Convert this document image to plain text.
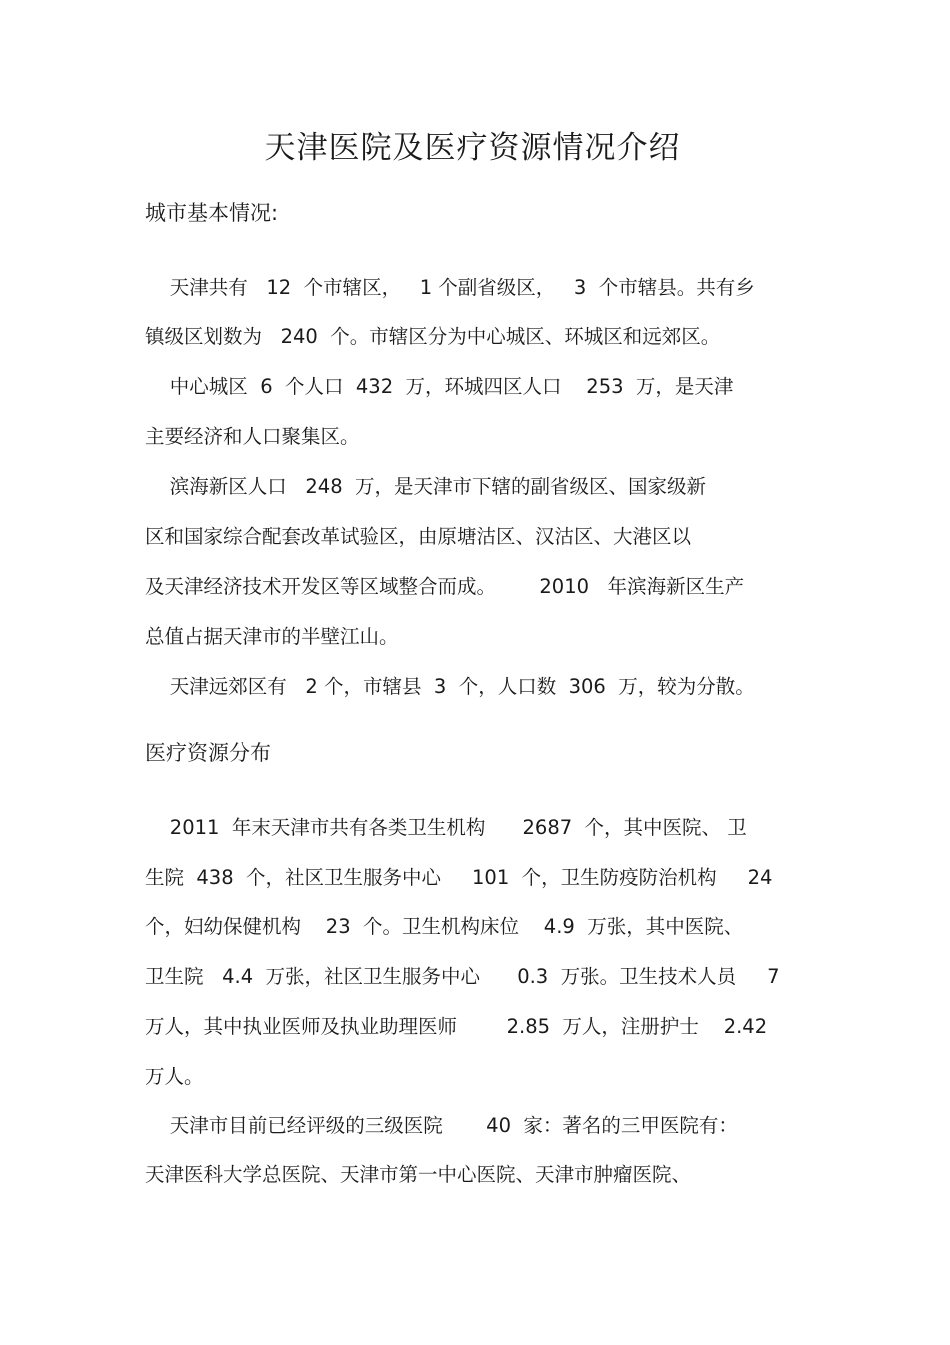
天津医院及医疗资源情况介绍
城市基本情况:
天津共有   12  个市辖区，   1 个副省级区，   3  个市辖县。共有乡
镇级区划数为   240  个。市辖区分为中心城区、环城区和远郊区。
中心城区  6  个人口  432  万，环城四区人口    253  万，是天津
主要经济和人口聚集区。
滨海新区人口   248  万，是天津市下辖的副省级区、国家级新
区和国家综合配套改革试验区，由原塘沽区、汉沽区、大港区以
及天津经济技术开发区等区域整合而成。       2010   年滨海新区生产
总值占据天津市的半壁江山。
天津远郊区有   2 个，市辖县  3  个，人口数  306  万，较为分散。
医疗资源分布
2011  年末天津市共有各类卫生机构      2687  个，其中医院、 卫
生院  438  个，社区卫生服务中心     101  个，卫生防疫防治机构     24
个，妇幼保健机构    23  个。卫生机构床位    4.9  万张，其中医院、
卫生院   4.4  万张，社区卫生服务中心      0.3  万张。卫生技术人员     7
万人，其中执业医师及执业助理医师        2.85  万人，注册护士    2.42
万人。
天津市目前已经评级的三级医院       40  家：著名的三甲医院有：
天津医科大学总医院、天津市第一中心医院、天津市肿瘤医院、
